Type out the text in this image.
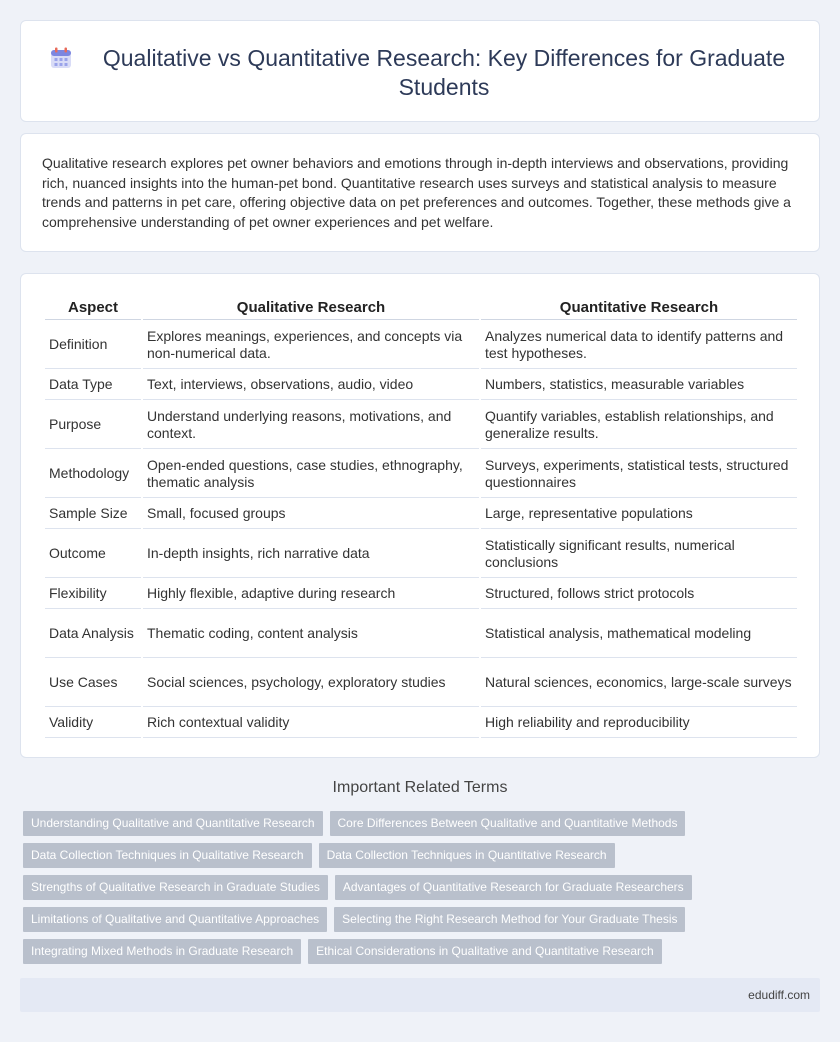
Qualitative vs Quantitative Research: Key Differences for Graduate Students

Qualitative research explores pet owner behaviors and emotions through in-depth interviews and observations, providing rich, nuanced insights into the human-pet bond. Quantitative research uses surveys and statistical analysis to measure trends and patterns in pet care, offering objective data on pet preferences and outcomes. Together, these methods give a comprehensive understanding of pet owner experiences and pet welfare.

Aspect	Qualitative Research	Quantitative Research
Definition	Explores meanings, experiences, and concepts via non-numerical data.	Analyzes numerical data to identify patterns and test hypotheses.
Data Type	Text, interviews, observations, audio, video	Numbers, statistics, measurable variables
Purpose	Understand underlying reasons, motivations, and context.	Quantify variables, establish relationships, and generalize results.
Methodology	Open-ended questions, case studies, ethnography, thematic analysis	Surveys, experiments, statistical tests, structured questionnaires
Sample Size	Small, focused groups	Large, representative populations
Outcome	In-depth insights, rich narrative data	Statistically significant results, numerical conclusions
Flexibility	Highly flexible, adaptive during research	Structured, follows strict protocols
Data Analysis	Thematic coding, content analysis	Statistical analysis, mathematical modeling
Use Cases	Social sciences, psychology, exploratory studies	Natural sciences, economics, large-scale surveys
Validity	Rich contextual validity	High reliability and reproducibility
Important Related Terms
Understanding Qualitative and Quantitative Research	Core Differences Between Qualitative and Quantitative Methods
Data Collection Techniques in Qualitative Research	Data Collection Techniques in Quantitative Research
Strengths of Qualitative Research in Graduate Studies	Advantages of Quantitative Research for Graduate Researchers
Limitations of Qualitative and Quantitative Approaches	Selecting the Right Research Method for Your Graduate Thesis
Integrating Mixed Methods in Graduate Research	Ethical Considerations in Qualitative and Quantitative Research
edudiff.com
